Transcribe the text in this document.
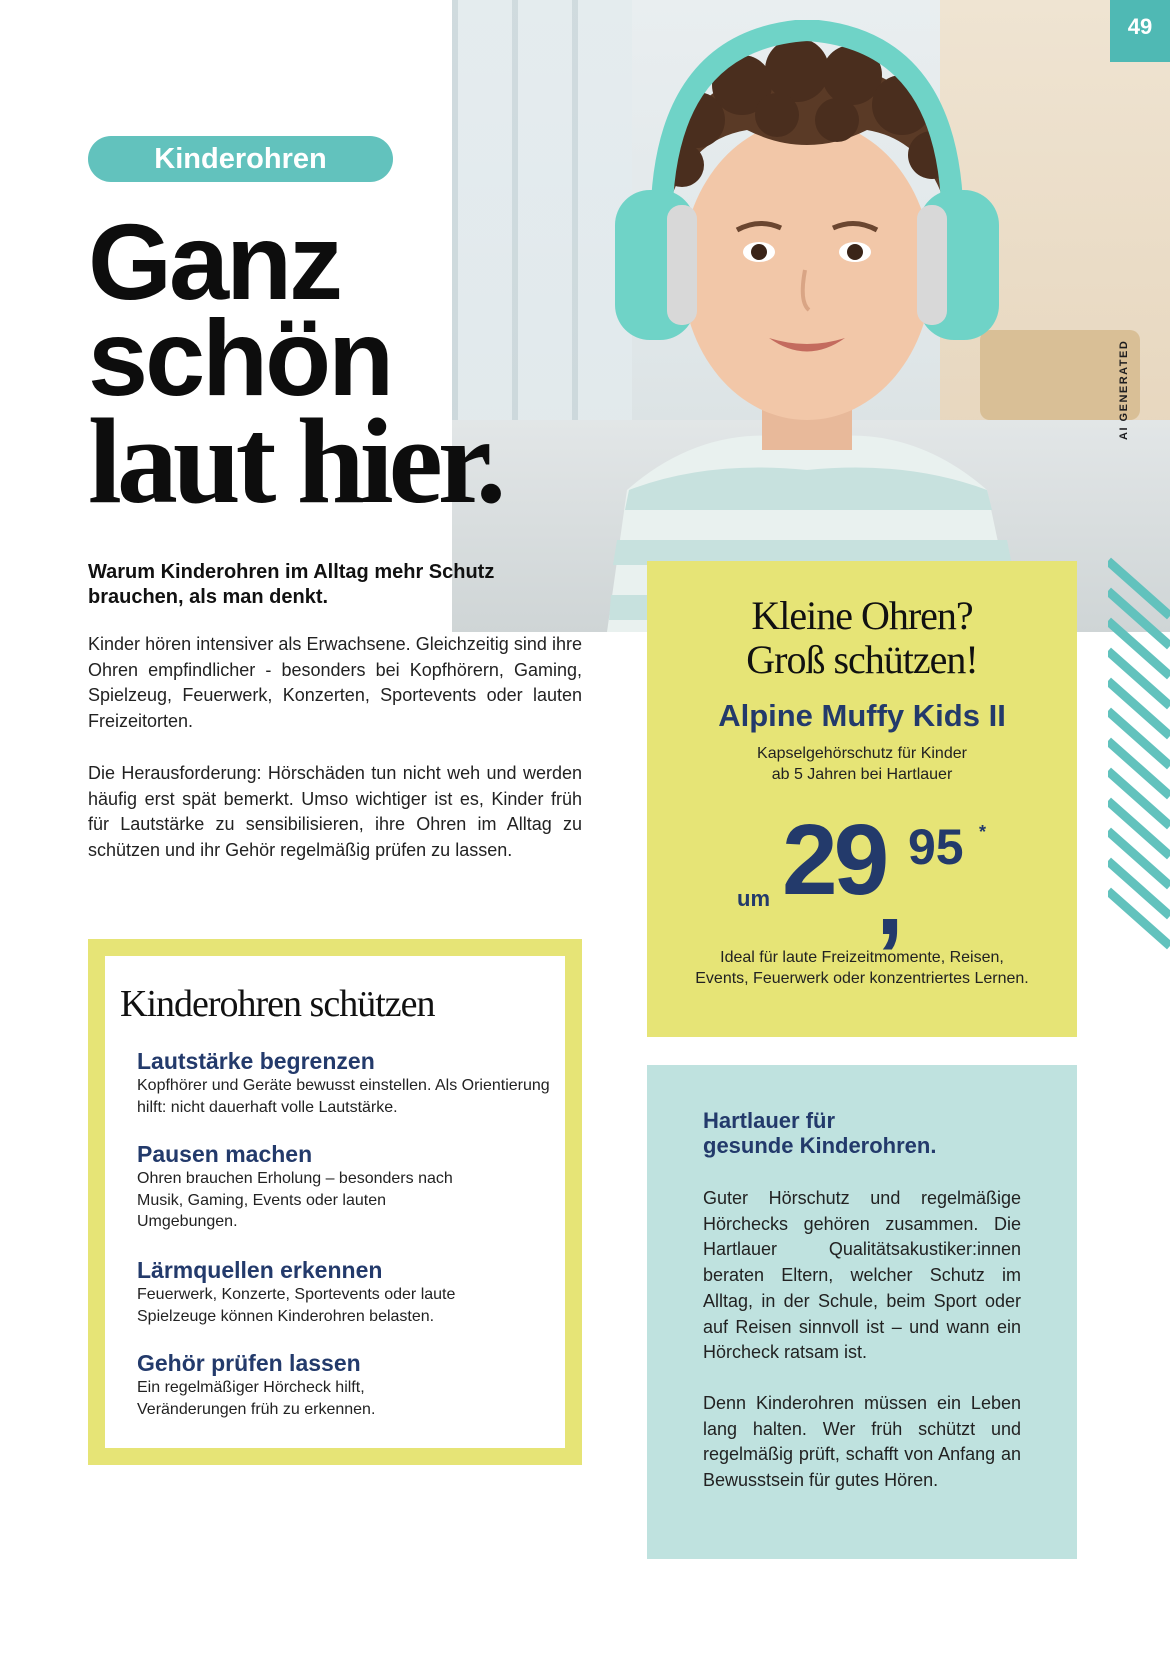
49
AI GENERATED
Kinderohren
Ganz
schön
laut hier.

Warum Kinderohren im Alltag mehr Schutz brauchen, als man denkt.

Kinder hören intensiver als Erwachsene. Gleichzeitig sind ihre Ohren empfindlicher - besonders bei Kopfhörern, Gaming, Spielzeug, Feuerwerk, Konzerten, Sportevents oder lauten Freizeitorten.

Die Herausforderung: Hörschäden tun nicht weh und werden häufig erst spät bemerkt. Umso wichtiger ist es, Kinder früh für Lautstärke zu sensibilisieren, ihre Ohren im Alltag zu schützen und ihr Gehör regelmäßig prüfen zu lassen.

Kinderohren schützen
Lautstärke begrenzen

Kopfhörer und Geräte bewusst einstellen. Als Orientierung hilft: nicht dauerhaft volle Lautstärke.

Pausen machen

Ohren brauchen Erholung – besonders nach Musik, Gaming, Events oder lauten Umgebungen.

Lärmquellen erkennen

Feuerwerk, Konzerte, Sportevents oder laute Spielzeuge können Kinderohren belasten.

Gehör prüfen lassen

Ein regelmäßiger Hörcheck hilft, Veränderungen früh zu erkennen.

Kleine Ohren?
Groß schützen!
Alpine Muffy Kids II
Kapselgehörschutz für Kinder
ab 5 Jahren bei Hartlauer
um 29
, 95 *
Ideal für laute Freizeitmomente, Reisen,
Events, Feuerwerk oder konzentriertes Lernen.
Hartlauer für
gesunde Kinderohren.

Guter Hörschutz und regelmäßige Hörchecks gehören zusammen. Die Hartlauer Qualitätsakustiker:innen beraten Eltern, welcher Schutz im Alltag, in der Schule, beim Sport oder auf Reisen sinnvoll ist – und wann ein Hörcheck ratsam ist.

Denn Kinderohren müssen ein Leben lang halten. Wer früh schützt und regelmäßig prüft, schafft von Anfang an Bewusstsein für gutes Hören.
